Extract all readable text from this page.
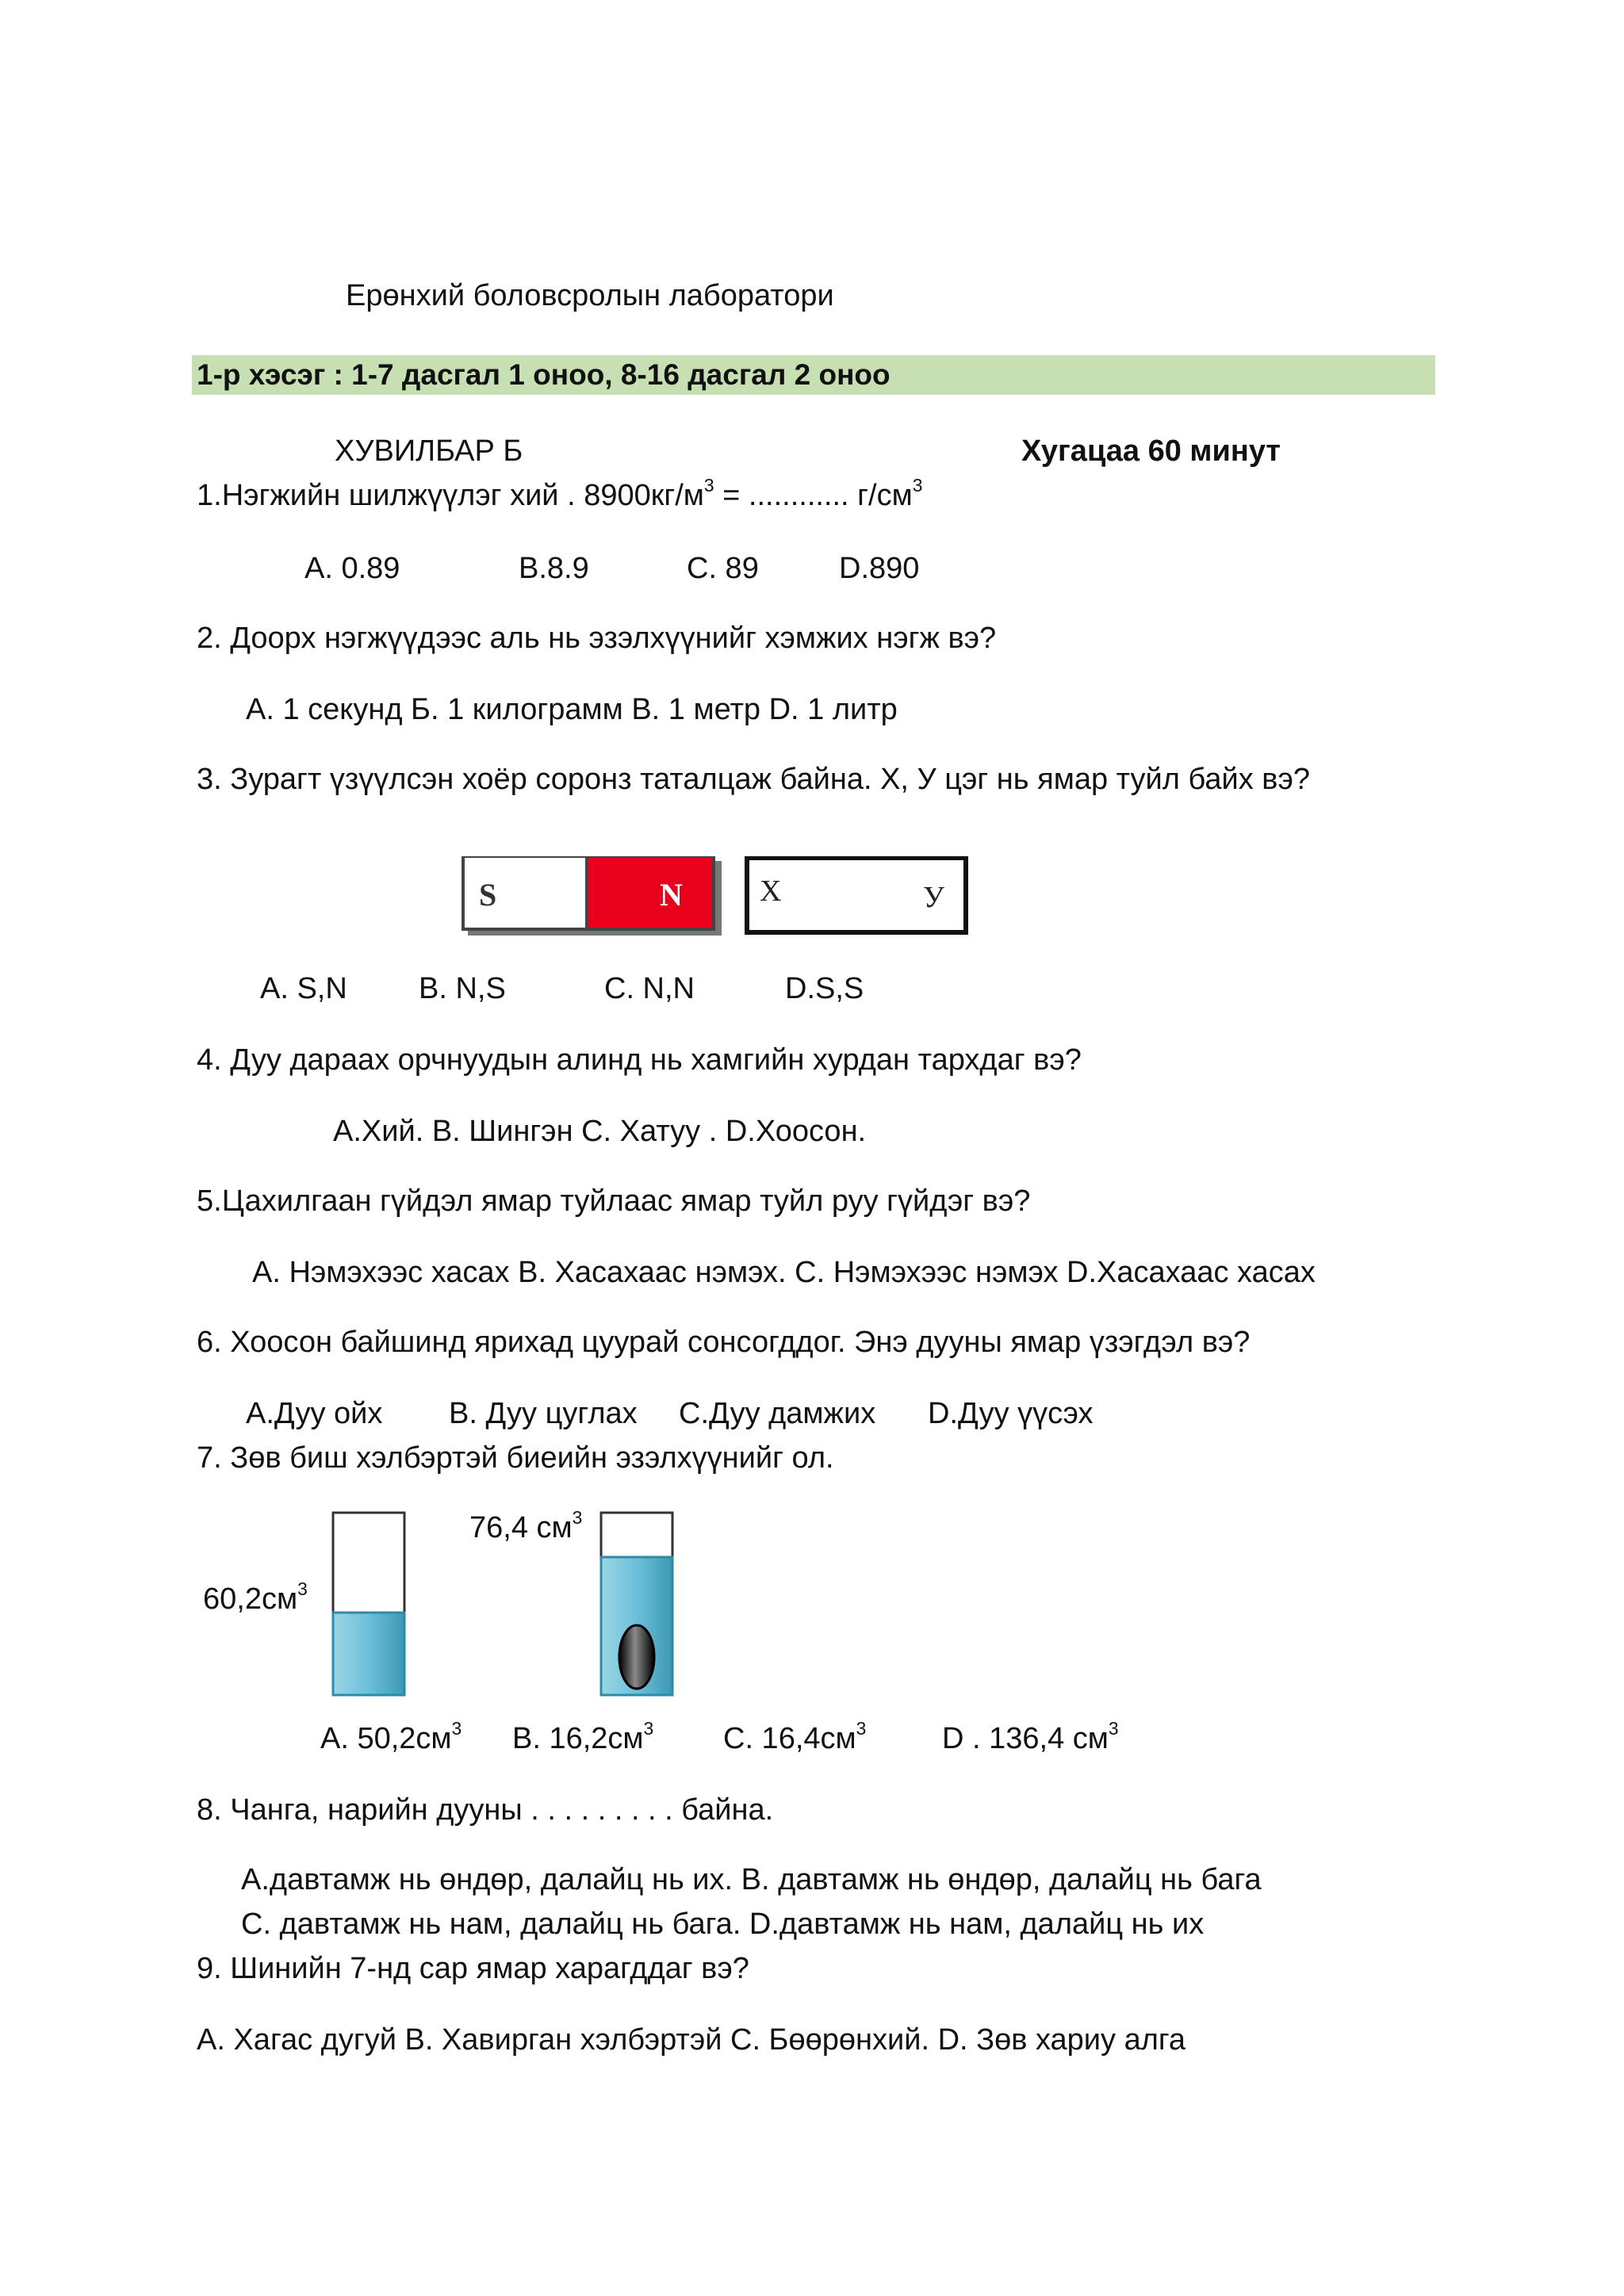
Ерөнхий боловсролын лаборатори
1-р хэсэг : 1-7 дасгал 1 оноо, 8-16 дасгал 2 оноо
ХУВИЛБАР Б	Хугацаа 60 минут
1.Нэгжийн шилжүүлэг хий . $8900кг/м^3$ = ............ $г/см^3$
A. 0.89	B.8.9	C. 89	D.890
2. Доорх нэгжүүдээс аль нь эзэлхүүнийг хэмжих нэгж вэ?
A. 1 секунд Б. 1 килограмм В. 1 метр D. 1 литр
3. Зурагт үзүүлсэн хоёр соронз таталцаж байна. Х, У цэг нь ямар туйл байх вэ?
S	N	X	У
A. S,N B. N,S	C. N,N	D.S,S
4. Дуу дараах орчнуудын алинд нь хамгийн хурдан тархдаг вэ?
A.Хий. B. Шингэн C. Хатуу . D.Хоосон.
5.Цахилгаан гүйдэл ямар туйлаас ямар туйл руу гүйдэг вэ?
A. Нэмэхээс хасах B. Хасахаас нэмэх. C. Нэмэхээс нэмэх D.Хасахаас хасах
6. Хоосон байшинд ярихад цуурай сонсогддог. Энэ дууны ямар үзэгдэл вэ?
A.Дуу ойх B. Дуу цуглах C.Дуу дамжих D.Дуу үүсэх
7. Зөв биш хэлбэртэй биеийн эзэлхүүнийг ол.
$60,2см^3$
76,4 $см^3$
A. $50,2см^3$ B. $16,2см^3$ C. $16,4см^3$	D . 136,4 $см^3$
8. Чанга, нарийн дууны . . . . . . . . . байна.
A.давтамж нь өндөр, далайц нь их. B. давтамж нь өндөр, далайц нь бага
C. давтамж нь нам, далайц нь бага. D.давтамж нь нам, далайц нь их
9. Шинийн 7-нд сар ямар харагддаг вэ?
A. Хагас дугуй B. Хавирган хэлбэртэй C. Бөөрөнхий. D. Зөв хариу алга
